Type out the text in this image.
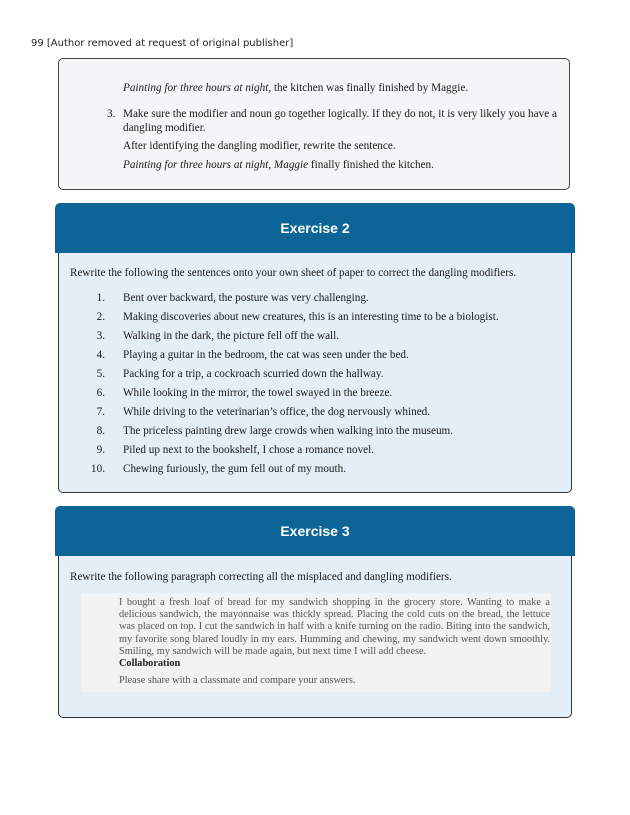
99 [Author removed at request of original publisher]

Painting for three hours at night, the kitchen was finally finished by Maggie.

3. Make sure the modifier and noun go together logically. If they do not, it is very likely you have a dangling modifier.

After identifying the dangling modifier, rewrite the sentence.

Painting for three hours at night, Maggie finally finished the kitchen.

Exercise 2
Rewrite the following the sentences onto your own sheet of paper to correct the dangling modifiers.
1. Bent over backward, the posture was very challenging.
2. Making discoveries about new creatures, this is an interesting time to be a biologist.
3. Walking in the dark, the picture fell off the wall.
4. Playing a guitar in the bedroom, the cat was seen under the bed.
5. Packing for a trip, a cockroach scurried down the hallway.
6. While looking in the mirror, the towel swayed in the breeze.
7. While driving to the veterinarian’s office, the dog nervously whined.
8. The priceless painting drew large crowds when walking into the museum.
9. Piled up next to the bookshelf, I chose a romance novel.
10. Chewing furiously, the gum fell out of my mouth.
Exercise 3
Rewrite the following paragraph correcting all the misplaced and dangling modifiers.
I bought a fresh loaf of bread for my sandwich shopping in the grocery store. Wanting to make a delicious sandwich, the mayonnaise was thickly spread. Placing the cold cuts on the bread, the lettuce was placed on top. I cut the sandwich in half with a knife turning on the radio. Biting into the sandwich, my favorite song blared loudly in my ears. Humming and chewing, my sandwich went down smoothly. Smiling, my sandwich will be made again, but next time I will add cheese.
Collaboration
Please share with a classmate and compare your answers.
